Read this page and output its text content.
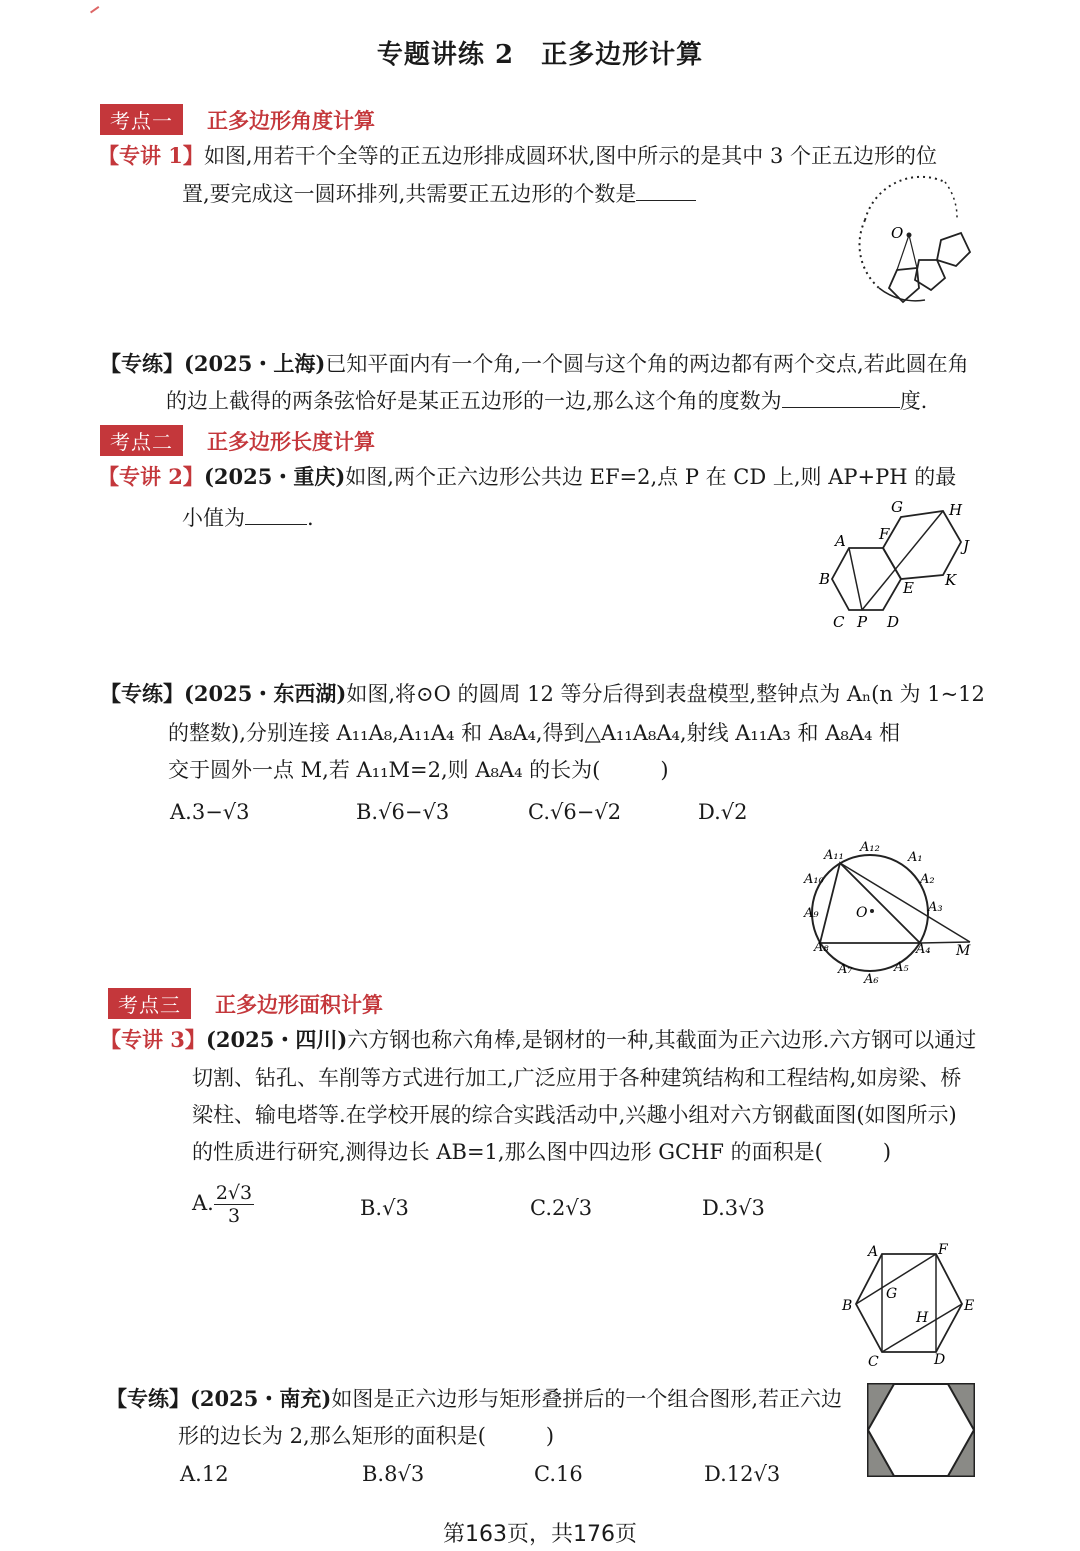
专题讲练 2　正多边形计算
考点一 正多边形角度计算
【专讲 1】如图,用若干个全等的正五边形排成圆环状,图中所示的是其中 3 个正五边形的位
置,要完成这一圆环排列,共需要正五边形的个数是
O
【专练】(2025・上海)已知平面内有一个角,一个圆与这个角的两边都有两个交点,若此圆在角
的边上截得的两条弦恰好是某正五边形的一边,那么这个角的度数为	度.
考点二 正多边形长度计算
【专讲 2】(2025・重庆)如图,两个正六边形公共边 EF=2,点 P 在 CD 上,则 AP+PH 的最
小值为	.
A
B
C P D
E
F
G	H
J
K
【专练】(2025・东西湖)如图,将⊙O 的圆周 12 等分后得到表盘模型,整钟点为 Aₙ(n 为 1~12
的整数),分别连接 A₁₁A₈,A₁₁A₄ 和 A₈A₄,得到△A₁₁A₈A₄,射线 A₁₁A₃ 和 A₈A₄ 相
交于圆外一点 M,若 A₁₁M=2,则 A₈A₄ 的长为(	)
A.3−√3	B.√6−√3	C.√6−√2	D.√2
A₁
A₂
A₃
A₄
A₅
A₆
A₇
A₈
A₉
A₁₀
A₁₁
A₁₂
O
M
考点三 正多边形面积计算
【专讲 3】(2025・四川)六方钢也称六角棒,是钢材的一种,其截面为正六边形.六方钢可以通过
切割、钻孔、车削等方式进行加工,广泛应用于各种建筑结构和工程结构,如房梁、桥
梁柱、输电塔等.在学校开展的综合实践活动中,兴趣小组对六方钢截面图(如图所示)
的性质进行研究,测得边长 AB=1,那么图中四边形 GCHF 的面积是(	)
A. $\frac{2√3}{3}$	B.√3	C.2√3	D.3√3
A
B
C	D
E
F
G
H
【专练】(2025・南充)如图是正六边形与矩形叠拼后的一个组合图形,若正六边
形的边长为 2,那么矩形的面积是(	)
A.12	B.8√3	C.16	D.12√3
第163页，共176页
